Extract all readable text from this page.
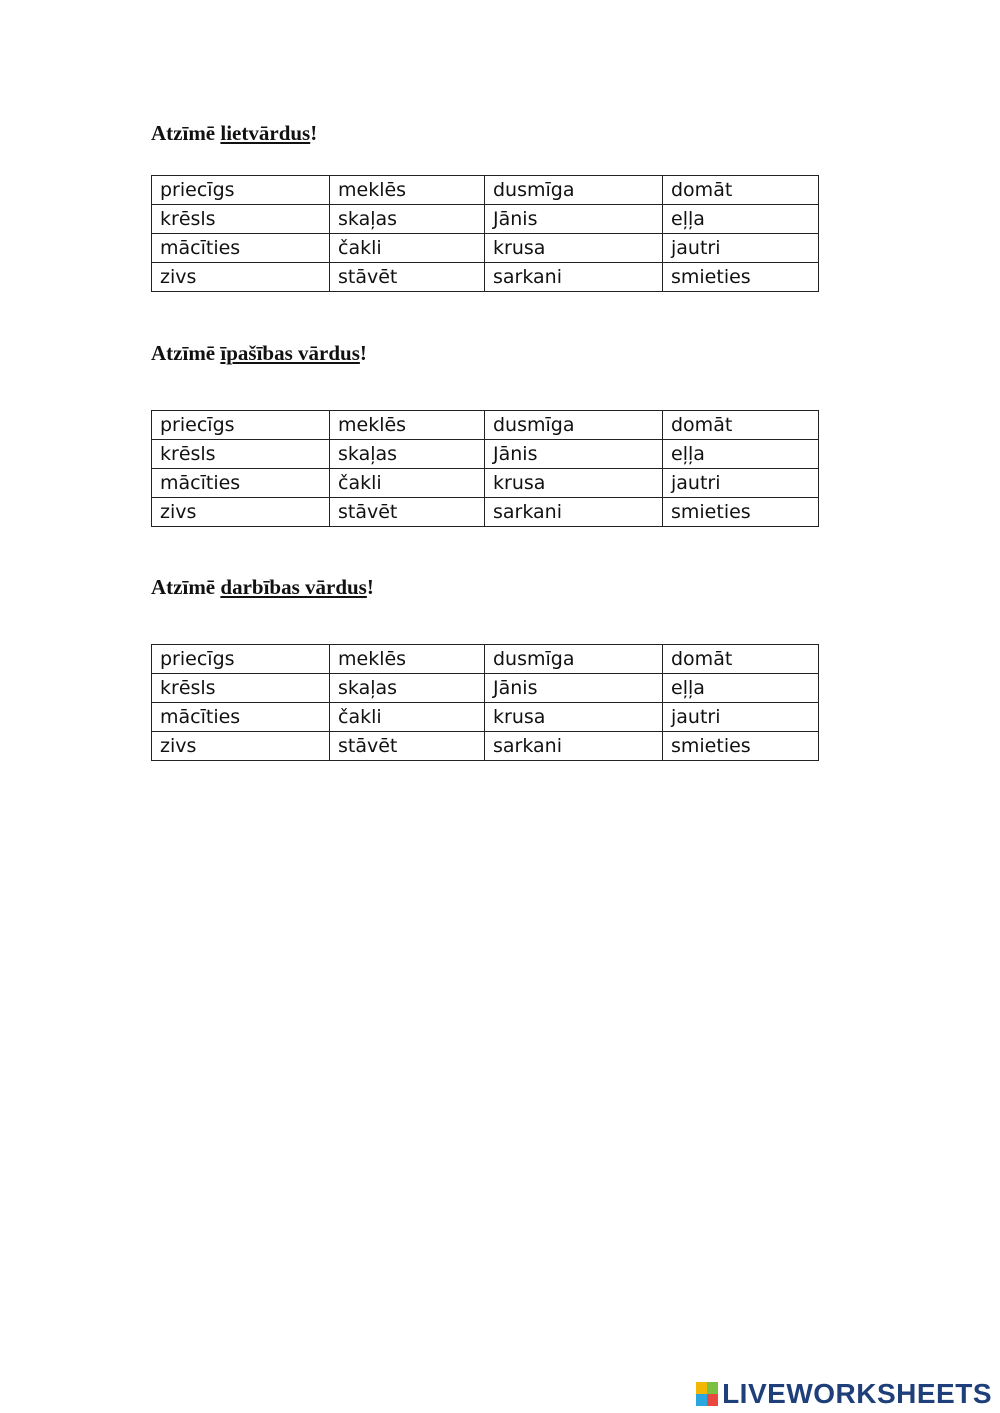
Atzīmē lietvārdus!
priecīgs	meklēs	dusmīga	domāt
krēsls	skaļas	Jānis	eļļa
mācīties	čakli	krusa	jautri
zivs	stāvēt	sarkani	smieties
Atzīmē īpašības vārdus!
priecīgs	meklēs	dusmīga	domāt
krēsls	skaļas	Jānis	eļļa
mācīties	čakli	krusa	jautri
zivs	stāvēt	sarkani	smieties
Atzīmē darbības vārdus!
priecīgs	meklēs	dusmīga	domāt
krēsls	skaļas	Jānis	eļļa
mācīties	čakli	krusa	jautri
zivs	stāvēt	sarkani	smieties
LIVEWORKSHEETS
